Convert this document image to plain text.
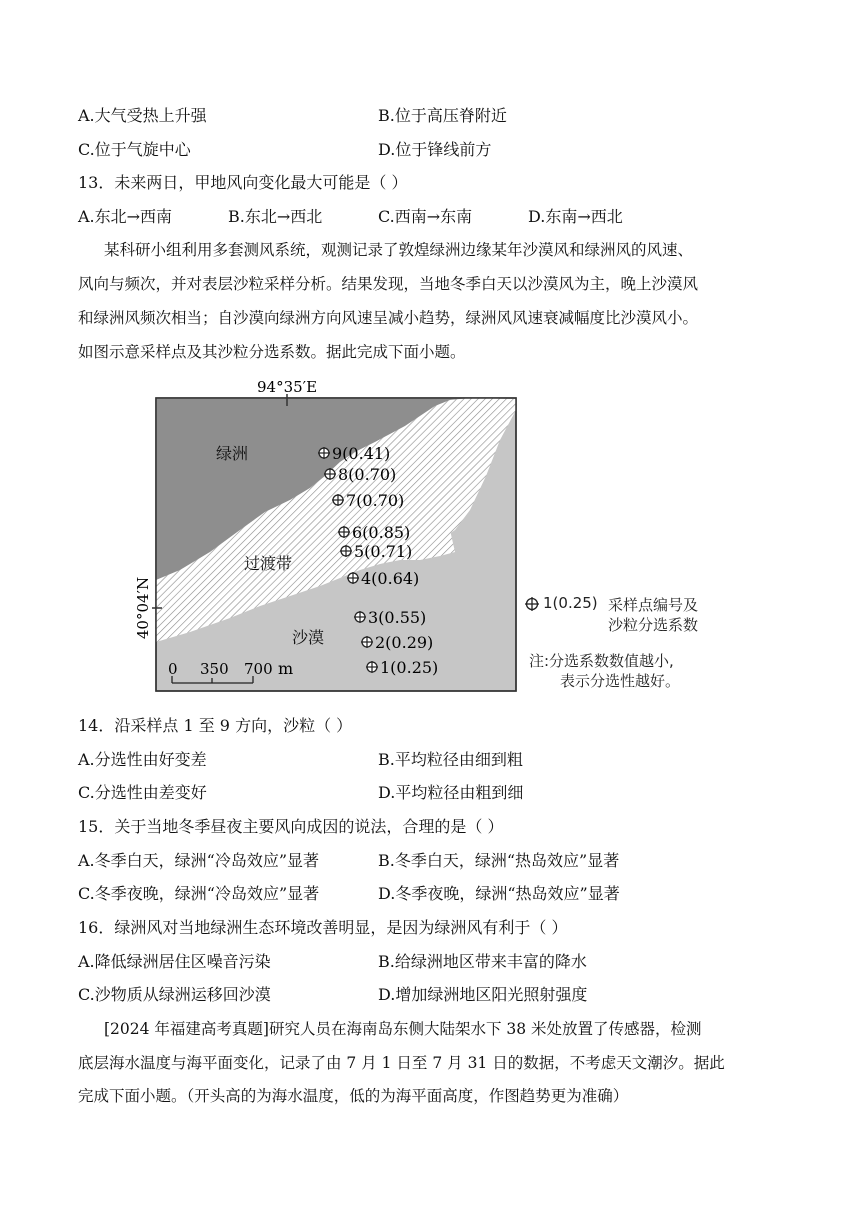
A.大气受热上升强	B.位于高压脊附近
C.位于气旋中心	D.位于锋线前方
13．未来两日，甲地风向变化最大可能是（ ）
A.东北→西南	B.东北→西北	C.西南→东南	D.东南→西北
某科研小组利用多套测风系统，观测记录了敦煌绿洲边缘某年沙漠风和绿洲风的风速、
风向与频次，并对表层沙粒采样分析。结果发现，当地冬季白天以沙漠风为主，晚上沙漠风
和绿洲风频次相当；自沙漠向绿洲方向风速呈减小趋势，绿洲风风速衰减幅度比沙漠风小。
如图示意采样点及其沙粒分选系数。据此完成下面小题。
94°35′E
40°04′N
绿洲
过渡带
沙漠
9(0.41)
8(0.70)
7(0.70)
6(0.85)
5(0.71)
4(0.64)
3(0.55)
2(0.29)
1(0.25)
0 350 700 m
1(0.25) 采样点编号及
沙粒分选系数
注:分选系数数值越小,
表示分选性越好。
14．沿采样点 1 至 9 方向，沙粒（ ）
A.分选性由好变差	B.平均粒径由细到粗
C.分选性由差变好	D.平均粒径由粗到细
15．关于当地冬季昼夜主要风向成因的说法，合理的是（ ）
A.冬季白天，绿洲“冷岛效应”显著	B.冬季白天，绿洲“热岛效应”显著
C.冬季夜晚，绿洲“冷岛效应”显著	D.冬季夜晚，绿洲“热岛效应”显著
16．绿洲风对当地绿洲生态环境改善明显，是因为绿洲风有利于（ ）
A.降低绿洲居住区噪音污染	B.给绿洲地区带来丰富的降水
C.沙物质从绿洲运移回沙漠	D.增加绿洲地区阳光照射强度
[2024 年福建高考真题]研究人员在海南岛东侧大陆架水下 38 米处放置了传感器，检测
底层海水温度与海平面变化，记录了由 7 月 1 日至 7 月 31 日的数据，不考虑天文潮汐。据此
完成下面小题。（开头高的为海水温度，低的为海平面高度，作图趋势更为准确）
